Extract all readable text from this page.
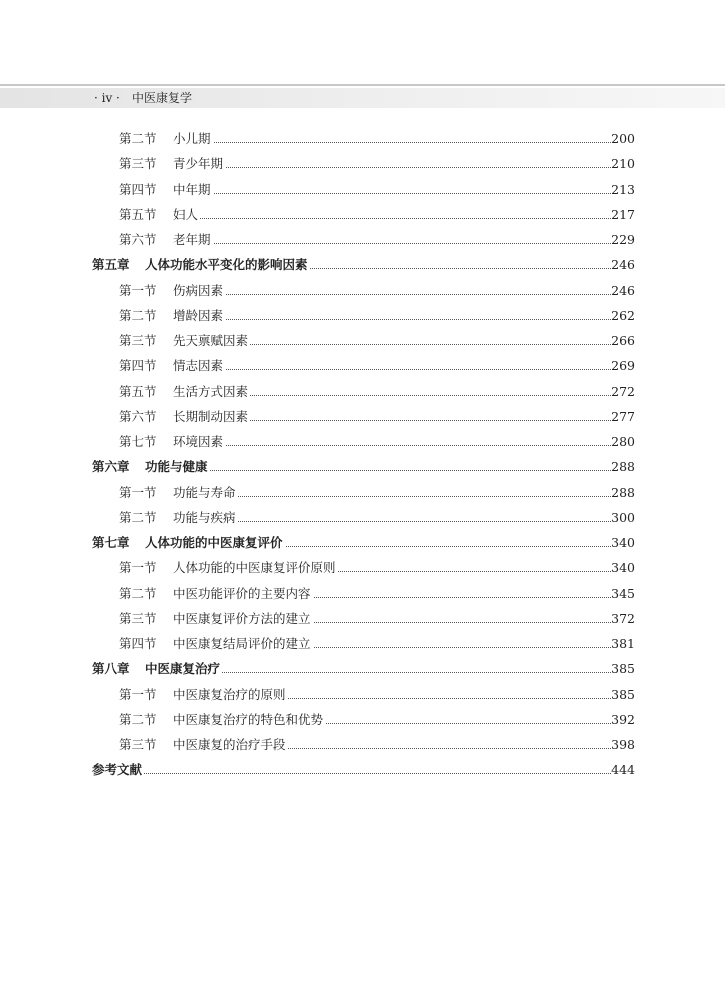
· iv · 中医康复学
第二节 小儿期	200
第三节 青少年期	210
第四节 中年期	213
第五节 妇人	217
第六节 老年期	229
第五章 人体功能水平变化的影响因素	246
第一节 伤病因素	246
第二节 增龄因素	262
第三节 先天禀赋因素	266
第四节 情志因素	269
第五节 生活方式因素	272
第六节 长期制动因素	277
第七节 环境因素	280
第六章 功能与健康	288
第一节 功能与寿命	288
第二节 功能与疾病	300
第七章 人体功能的中医康复评价	340
第一节 人体功能的中医康复评价原则	340
第二节 中医功能评价的主要内容	345
第三节 中医康复评价方法的建立	372
第四节 中医康复结局评价的建立	381
第八章 中医康复治疗	385
第一节 中医康复治疗的原则	385
第二节 中医康复治疗的特色和优势	392
第三节 中医康复的治疗手段	398
参考文献	444
